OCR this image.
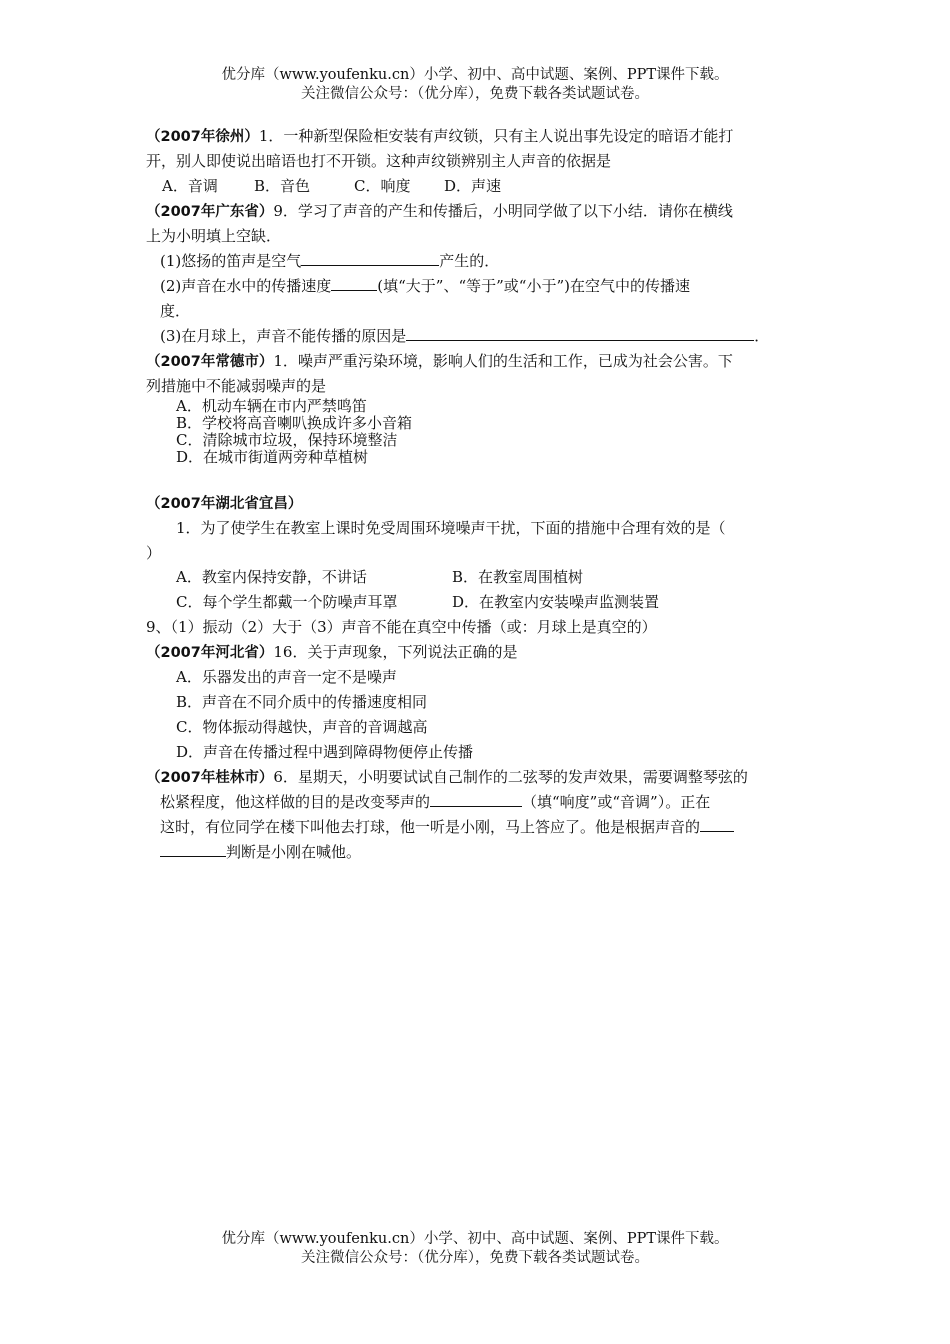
优分库（www.youfenku.cn）小学、初中、高中试题、案例、PPT课件下载。
关注微信公众号：（优分库），免费下载各类试题试卷。
（2007年徐州）1．一种新型保险柜安装有声纹锁，只有主人说出事先设定的暗语才能打
开，别人即使说出暗语也打不开锁。这种声纹锁辨别主人声音的依据是
A．音调 B．音色	C．响度 D．声速
（2007年广东省）9．学习了声音的产生和传播后，小明同学做了以下小结．请你在横线
上为小明填上空缺．
(1)悠扬的笛声是空气	产生的．
(2)声音在水中的传播速度	(填“大于”、“等于”或“小于”)在空气中的传播速
度．
(3)在月球上，声音不能传播的原因是	．
（2007年常德市）1．噪声严重污染环境，影响人们的生活和工作，已成为社会公害。下
列措施中不能减弱噪声的是
A．机动车辆在市内严禁鸣笛
B．学校将高音喇叭换成许多小音箱
C．清除城市垃圾，保持环境整洁
D．在城市街道两旁种草植树
（2007年湖北省宜昌）
1．为了使学生在教室上课时免受周围环境噪声干扰，下面的措施中合理有效的是（
）
A．教室内保持安静，不讲话	B．在教室周围植树
C．每个学生都戴一个防噪声耳罩	D．在教室内安装噪声监测装置
9、（1）振动（2）大于（3）声音不能在真空中传播（或：月球上是真空的）
（2007年河北省）16．关于声现象，下列说法正确的是
A．乐器发出的声音一定不是噪声
B．声音在不同介质中的传播速度相同
C．物体振动得越快，声音的音调越高
D．声音在传播过程中遇到障碍物便停止传播
（2007年桂林市）6．星期天，小明要试试自己制作的二弦琴的发声效果，需要调整琴弦的
松紧程度，他这样做的目的是改变琴声的	（填“响度”或“音调”）。正在
这时，有位同学在楼下叫他去打球，他一听是小刚，马上答应了。他是根据声音的
判断是小刚在喊他。
优分库（www.youfenku.cn）小学、初中、高中试题、案例、PPT课件下载。
关注微信公众号：（优分库），免费下载各类试题试卷。
